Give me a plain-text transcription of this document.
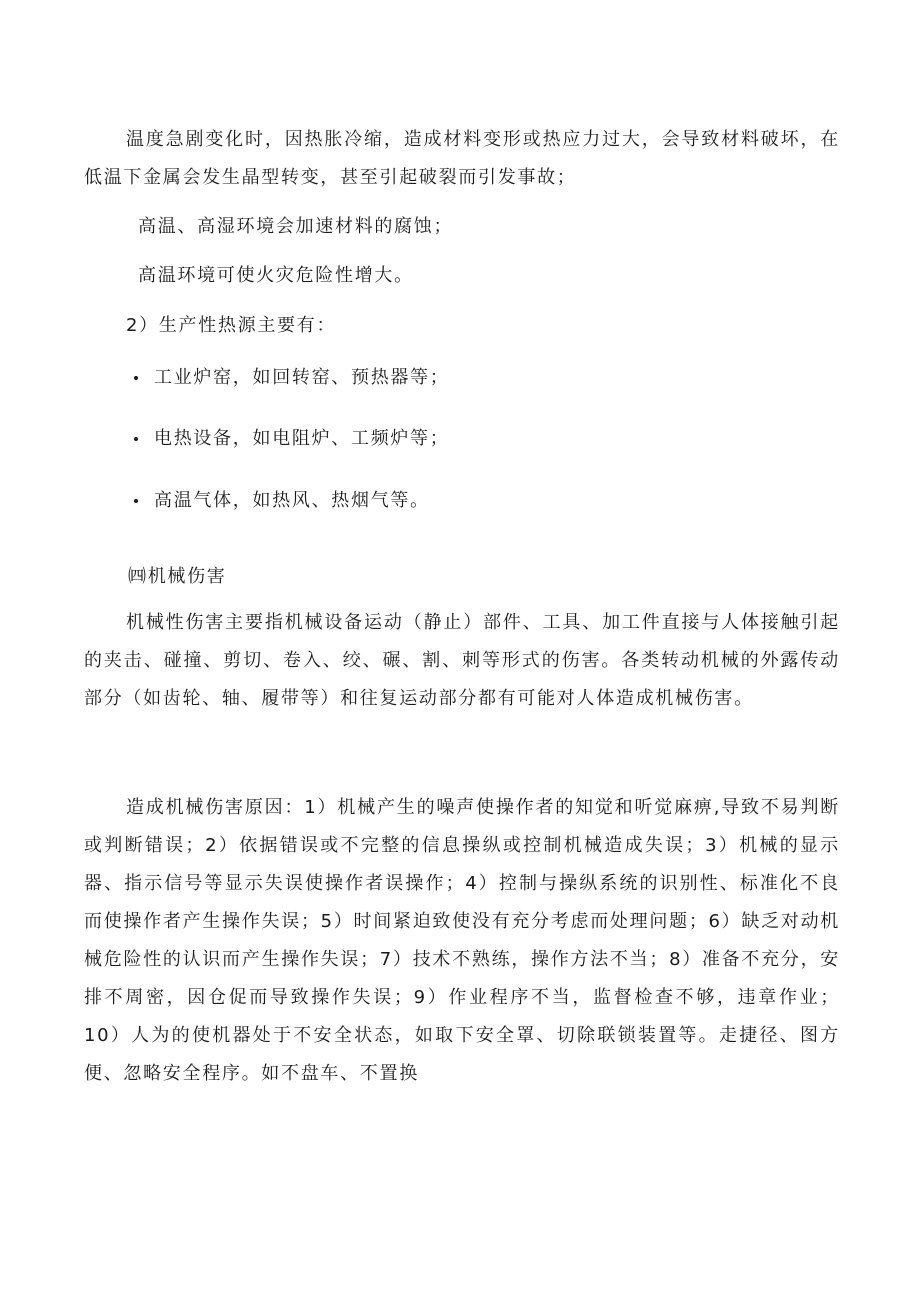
温度急剧变化时，因热胀冷缩，造成材料变形或热应力过大，会导致材料破坏，在低温下金属会发生晶型转变，甚至引起破裂而引发事故；

高温、高湿环境会加速材料的腐蚀；

高温环境可使火灾危险性增大。

2）生产性热源主要有：

工业炉窑，如回转窑、预热器等；
电热设备，如电阻炉、工频炉等；
高温气体，如热风、热烟气等。

㈣机械伤害

机械性伤害主要指机械设备运动（静止）部件、工具、加工件直接与人体接触引起的夹击、碰撞、剪切、卷入、绞、碾、割、刺等形式的伤害。各类转动机械的外露传动部分（如齿轮、轴、履带等）和往复运动部分都有可能对人体造成机械伤害。

造成机械伤害原因：1）机械产生的噪声使操作者的知觉和听觉麻痹,导致不易判断或判断错误；2）依据错误或不完整的信息操纵或控制机械造成失误；3）机械的显示器、指示信号等显示失误使操作者误操作；4）控制与操纵系统的识别性、标准化不良而使操作者产生操作失误；5）时间紧迫致使没有充分考虑而处理问题；6）缺乏对动机械危险性的认识而产生操作失误；7）技术不熟练，操作方法不当；8）准备不充分，安排不周密，因仓促而导致操作失误；9）作业程序不当，监督检查不够，违章作业；10）人为的使机器处于不安全状态，如取下安全罩、切除联锁装置等。走捷径、图方便、忽略安全程序。如不盘车、不置换
